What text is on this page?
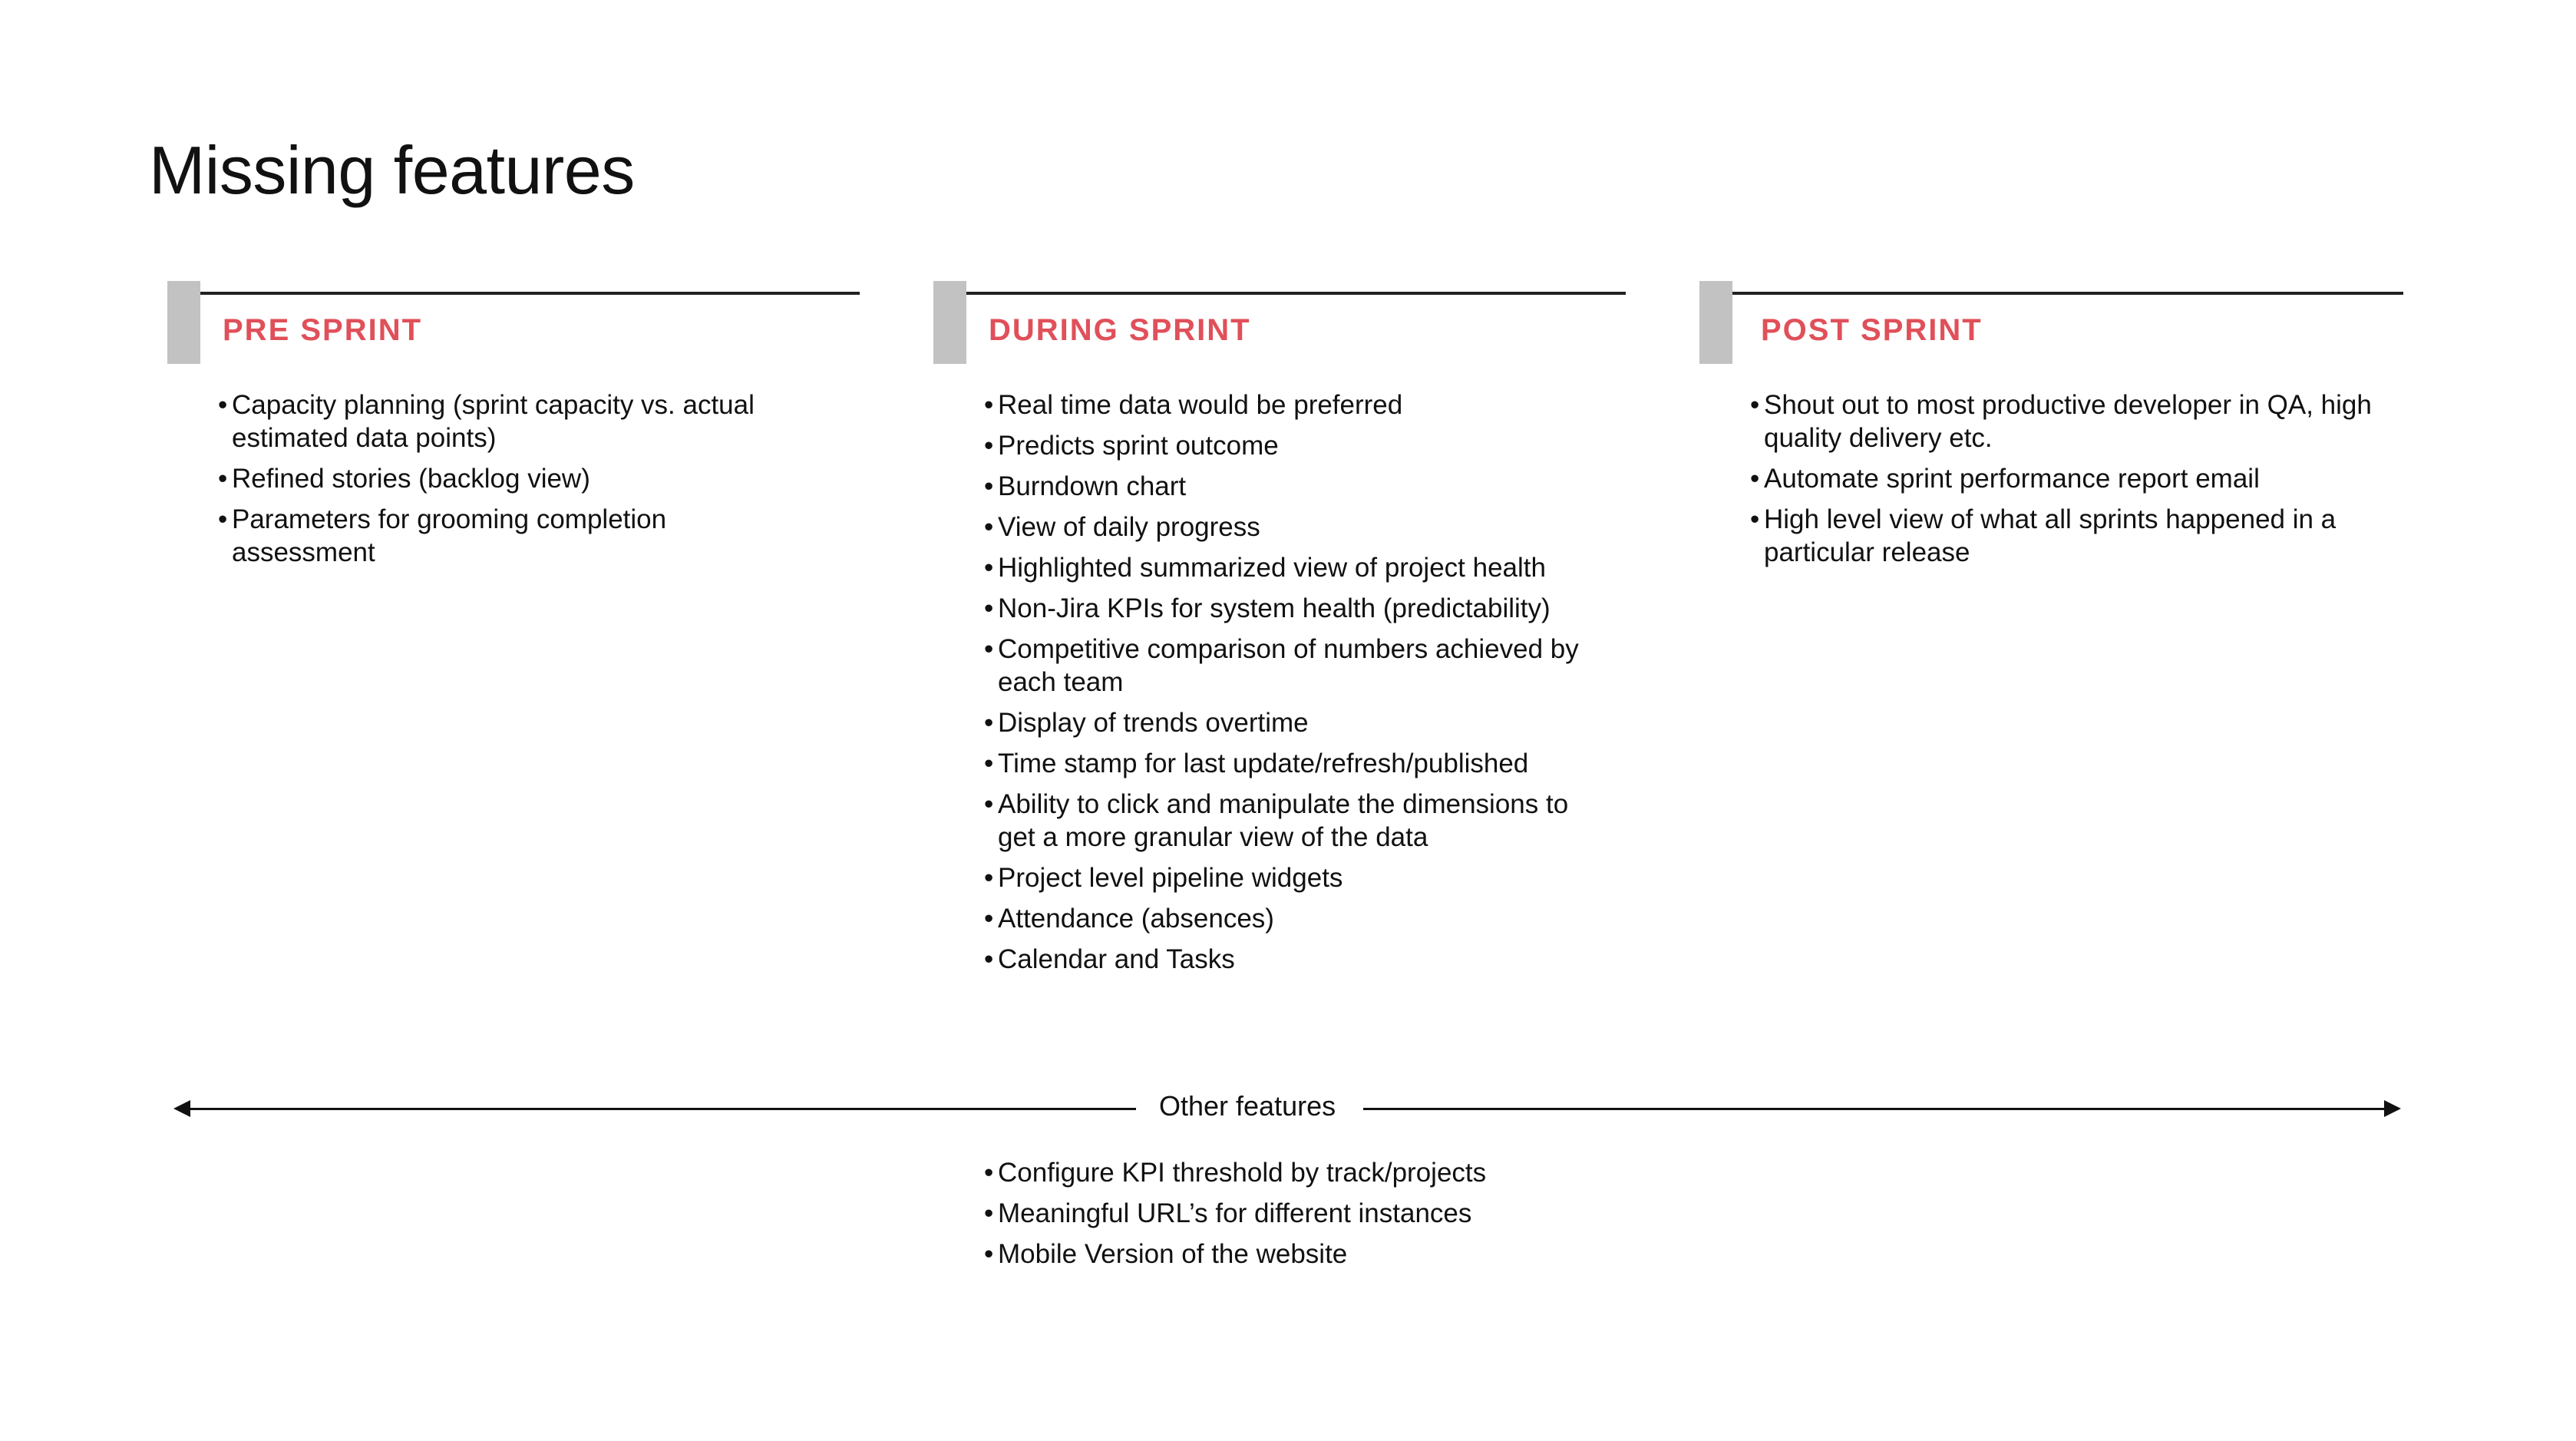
Missing features
PRE SPRINT
• Capacity planning (sprint capacity vs. actual estimated data points)
• Refined stories (backlog view)
• Parameters for grooming completion assessment
DURING SPRINT
• Real time data would be preferred
• Predicts sprint outcome
• Burndown chart
• View of daily progress
• Highlighted summarized view of project health
• Non-Jira KPIs for system health (predictability)
• Competitive comparison of numbers achieved by each team
• Display of trends overtime
• Time stamp for last update/refresh/published
• Ability to click and manipulate the dimensions to get a more granular view of the data
• Project level pipeline widgets
• Attendance (absences)
• Calendar and Tasks
POST SPRINT
• Shout out to most productive developer in QA, high quality delivery etc.
• Automate sprint performance report email
• High level view of what all sprints happened in a particular release
Other features
• Configure KPI threshold by track/projects
• Meaningful URL’s for different instances
• Mobile Version of the website
